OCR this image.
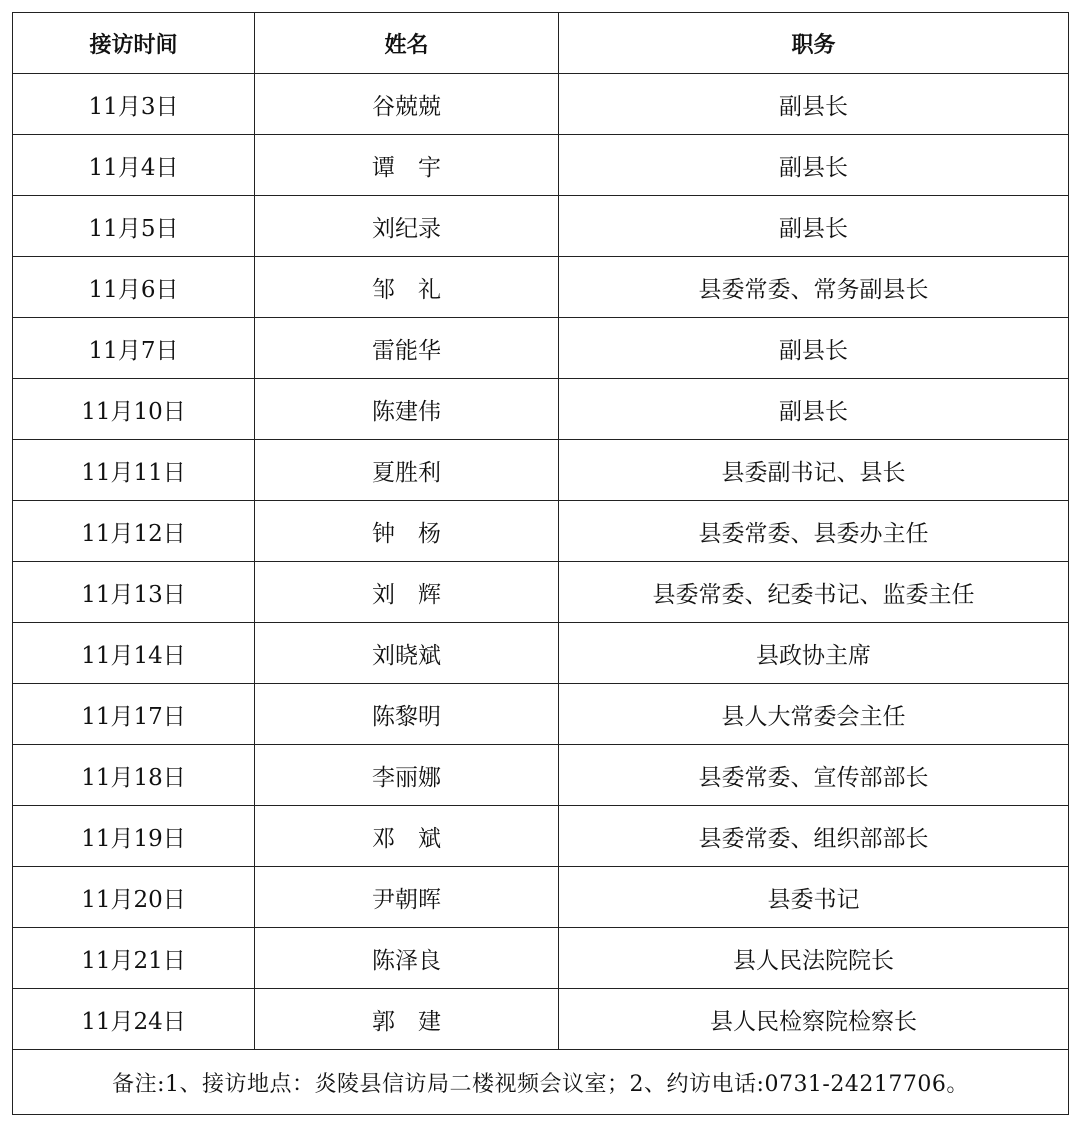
接访时间	姓名	职务
11月3日	谷兢兢	副县长
11月4日	谭　宇	副县长
11月5日	刘纪录	副县长
11月6日	邹　礼	县委常委、常务副县长
11月7日	雷能华	副县长
11月10日	陈建伟	副县长
11月11日	夏胜利	县委副书记、县长
11月12日	钟　杨	县委常委、县委办主任
11月13日	刘　辉	县委常委、纪委书记、监委主任
11月14日	刘晓斌	县政协主席
11月17日	陈黎明	县人大常委会主任
11月18日	李丽娜	县委常委、宣传部部长
11月19日	邓　斌	县委常委、组织部部长
11月20日	尹朝晖	县委书记
11月21日	陈泽良	县人民法院院长
11月24日	郭　建	县人民检察院检察长
备注:1、接访地点：炎陵县信访局二楼视频会议室；2、约访电话:0731-24217706。		
